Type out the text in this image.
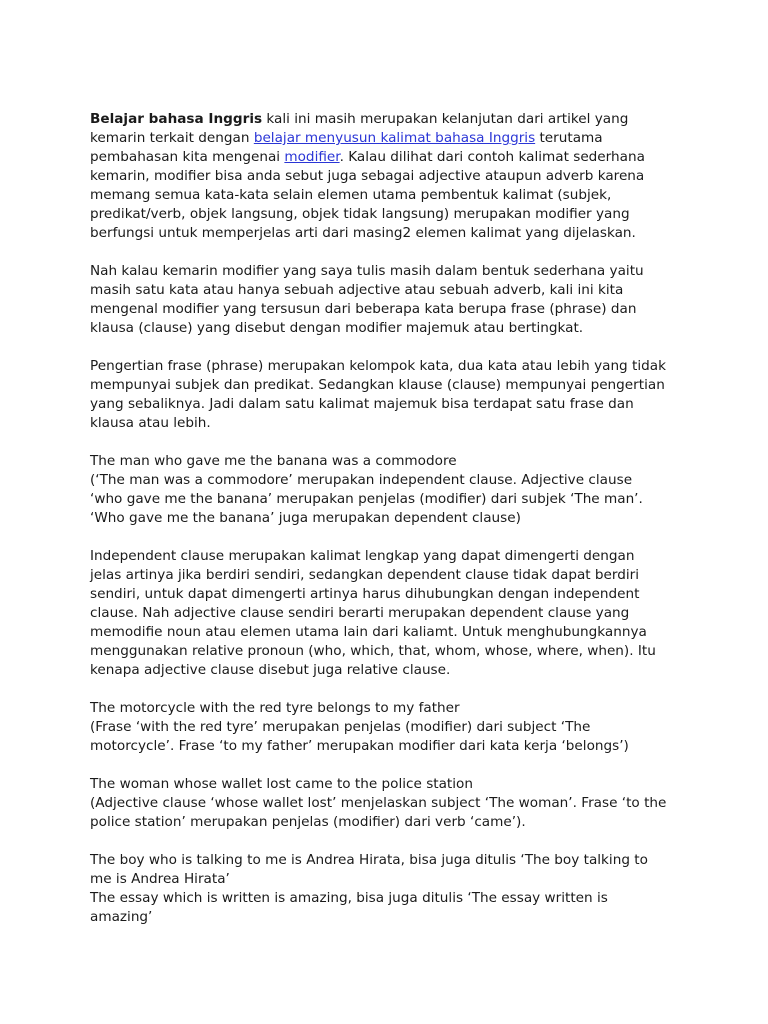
Belajar bahasa Inggris kali ini masih merupakan kelanjutan dari artikel yang
kemarin terkait dengan belajar menyusun kalimat bahasa Inggris terutama
pembahasan kita mengenai modifier. Kalau dilihat dari contoh kalimat sederhana
kemarin, modifier bisa anda sebut juga sebagai adjective ataupun adverb karena
memang semua kata-kata selain elemen utama pembentuk kalimat (subjek,
predikat/verb, objek langsung, objek tidak langsung) merupakan modifier yang
berfungsi untuk memperjelas arti dari masing2 elemen kalimat yang dijelaskan.

Nah kalau kemarin modifier yang saya tulis masih dalam bentuk sederhana yaitu
masih satu kata atau hanya sebuah adjective atau sebuah adverb, kali ini kita
mengenal modifier yang tersusun dari beberapa kata berupa frase (phrase) dan
klausa (clause) yang disebut dengan modifier majemuk atau bertingkat.

Pengertian frase (phrase) merupakan kelompok kata, dua kata atau lebih yang tidak
mempunyai subjek dan predikat. Sedangkan klause (clause) mempunyai pengertian
yang sebaliknya. Jadi dalam satu kalimat majemuk bisa terdapat satu frase dan
klausa atau lebih.

The man who gave me the banana was a commodore
(‘The man was a commodore’ merupakan independent clause. Adjective clause
‘who gave me the banana’ merupakan penjelas (modifier) dari subjek ‘The man’.
‘Who gave me the banana’ juga merupakan dependent clause)

Independent clause merupakan kalimat lengkap yang dapat dimengerti dengan
jelas artinya jika berdiri sendiri, sedangkan dependent clause tidak dapat berdiri
sendiri, untuk dapat dimengerti artinya harus dihubungkan dengan independent
clause. Nah adjective clause sendiri berarti merupakan dependent clause yang
memodifie noun atau elemen utama lain dari kaliamt. Untuk menghubungkannya
menggunakan relative pronoun (who, which, that, whom, whose, where, when). Itu
kenapa adjective clause disebut juga relative clause.

The motorcycle with the red tyre belongs to my father
(Frase ‘with the red tyre’ merupakan penjelas (modifier) dari subject ‘The
motorcycle’. Frase ‘to my father’ merupakan modifier dari kata kerja ‘belongs’)

The woman whose wallet lost came to the police station
(Adjective clause ‘whose wallet lost’ menjelaskan subject ‘The woman’. Frase ‘to the
police station’ merupakan penjelas (modifier) dari verb ‘came’).

The boy who is talking to me is Andrea Hirata, bisa juga ditulis ‘The boy talking to
me is Andrea Hirata’
The essay which is written is amazing, bisa juga ditulis ‘The essay written is
amazing’
